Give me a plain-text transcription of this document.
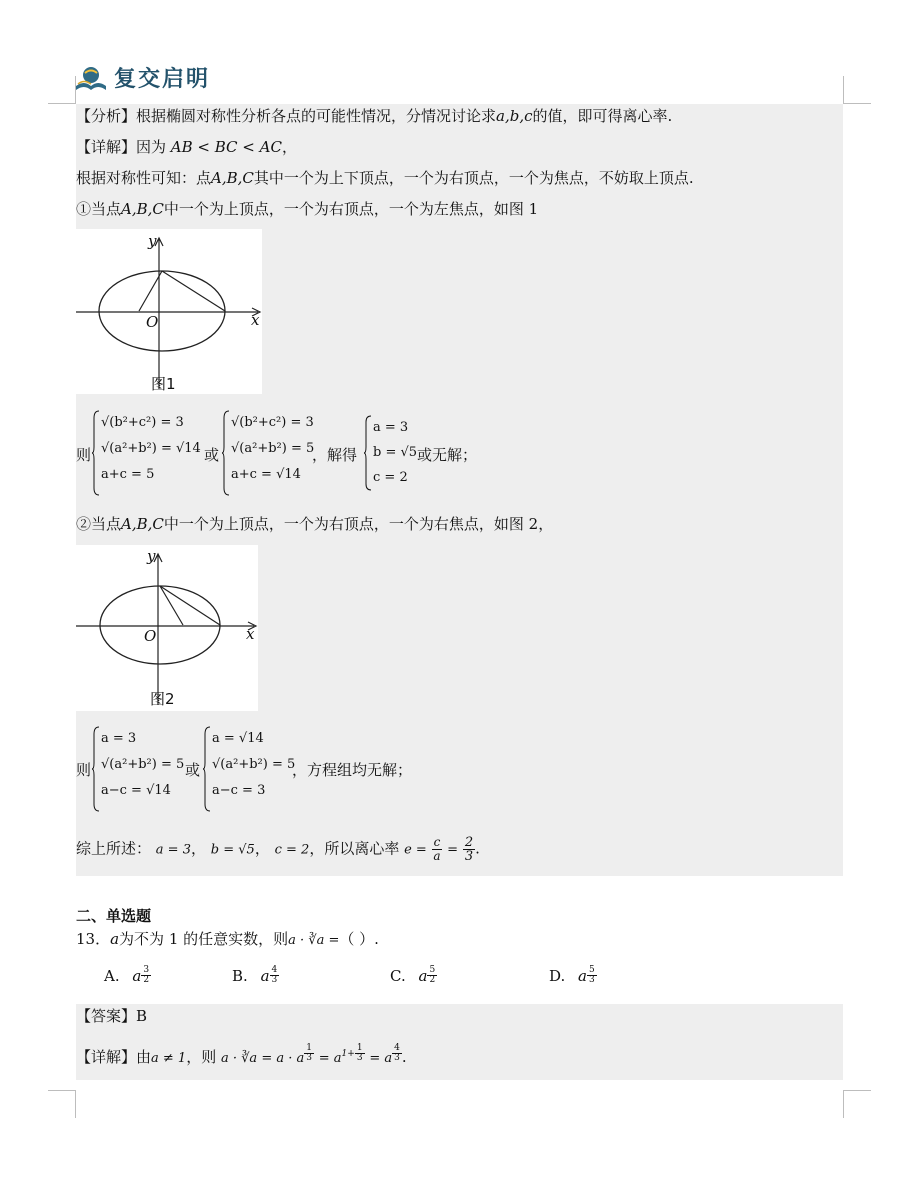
复交启明
【分析】根据椭圆对称性分析各点的可能性情况，分情况讨论求a,b,c的值，即可得离心率.
【详解】因为 AB < BC < AC，
根据对称性可知：点A,B,C其中一个为上下顶点，一个为右顶点，一个为焦点，不妨取上顶点.
①当点A,B,C中一个为上顶点，一个为右顶点，一个为左焦点，如图 1
y
x
O
图1
则
√(b²+c²) = 3
√(a²+b²) = √14
a+c = 5
或
√(b²+c²) = 3
√(a²+b²) = 5
a+c = √14
，解得
a = 3
b = √5
c = 2
或无解；
②当点A,B,C中一个为上顶点，一个为右顶点，一个为右焦点，如图 2，
y
x
O
图2
则
a = 3
√(a²+b²) = 5
a−c = √14
或
a = √14
√(a²+b²) = 5
a−c = 3
，方程组均无解；
综上所述： a = 3， b = √5， c = 2，所以离心率 $e = \frac{c}{a} = \frac{2}{3}$ .
二、单选题
13．a为不为 1 的任意实数，则a · ∛a =（ ）.
A. a $^{\frac{3}{2}}$	B. a $^{\frac{4}{3}}$	C. a $^{\frac{5}{2}}$	D. a $^{\frac{5}{3}}$
【答案】B
【详解】由a ≠ 1，则 a · ∛a = a · a $^{\frac{1}{3}} = a^{1+}$ $^{\frac{1}{3}}$ = a $^{\frac{4}{3}}$ .
